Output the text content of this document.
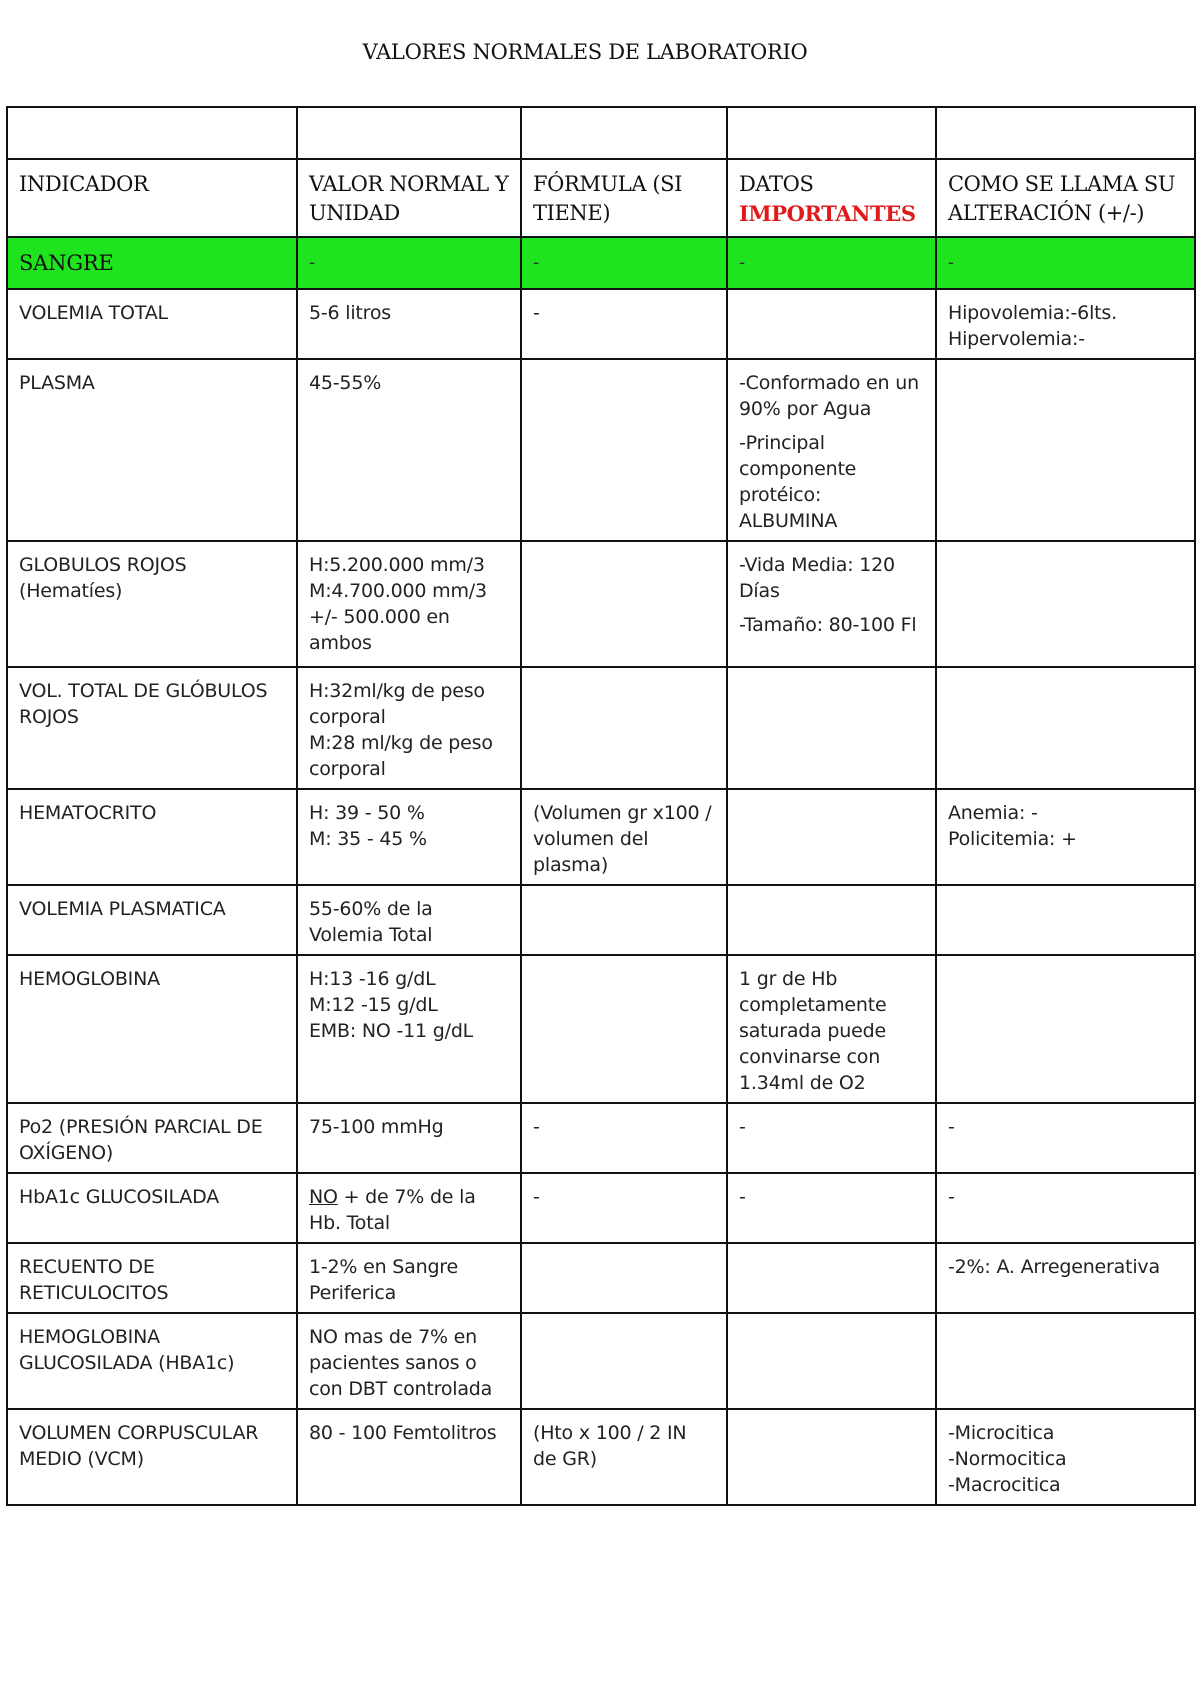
VALORES NORMALES DE LABORATORIO

INDICADOR	VALOR NORMAL Y UNIDAD	FÓRMULA (SI TIENE)	DATOS IMPORTANTES	COMO SE LLAMA SU ALTERACIÓN (+/-)
SANGRE	-	-	-	-

VOLEMIA TOTAL	5-6 litros	-		Hipovolemia:-6lts.
Hipervolemia:-

PLASMA	45-55%		-Conformado en un 90% por Agua
-Principal componente protéico: ALBUMINA	

GLOBULOS ROJOS (Hematíes)	H:5.200.000 mm/3
M:4.700.000 mm/3
+/- 500.000 en ambos		-Vida Media: 120 Días
-Tamaño: 80-100 Fl	

VOL. TOTAL DE GLÓBULOS ROJOS	H:32ml/kg de peso corporal
M:28 ml/kg de peso corporal			

HEMATOCRITO	H: 39 - 50 %
M: 35 - 45 %	(Volumen gr x100 / volumen del plasma)		Anemia: -
Policitemia: +

VOLEMIA PLASMATICA	55-60% de la Volemia Total			

HEMOGLOBINA	H:13 -16 g/dL
M:12 -15 g/dL
EMB: NO -11 g/dL		1 gr de Hb completamente saturada puede convinarse con 1.34ml de O2	

Po2 (PRESIÓN PARCIAL DE OXÍGENO)	75-100 mmHg	-	-	-

HbA1c GLUCOSILADA	NO + de 7% de la Hb. Total	-	-	-

RECUENTO DE RETICULOCITOS	1-2% en Sangre Periferica			-2%: A. Arregenerativa

HEMOGLOBINA GLUCOSILADA (HBA1c)	NO mas de 7% en pacientes sanos o con DBT controlada			

VOLUMEN CORPUSCULAR MEDIO (VCM)	80 - 100 Femtolitros	(Hto x 100 / 2 IN de GR)		-Microcitica
-Normocitica
-Macrocitica
